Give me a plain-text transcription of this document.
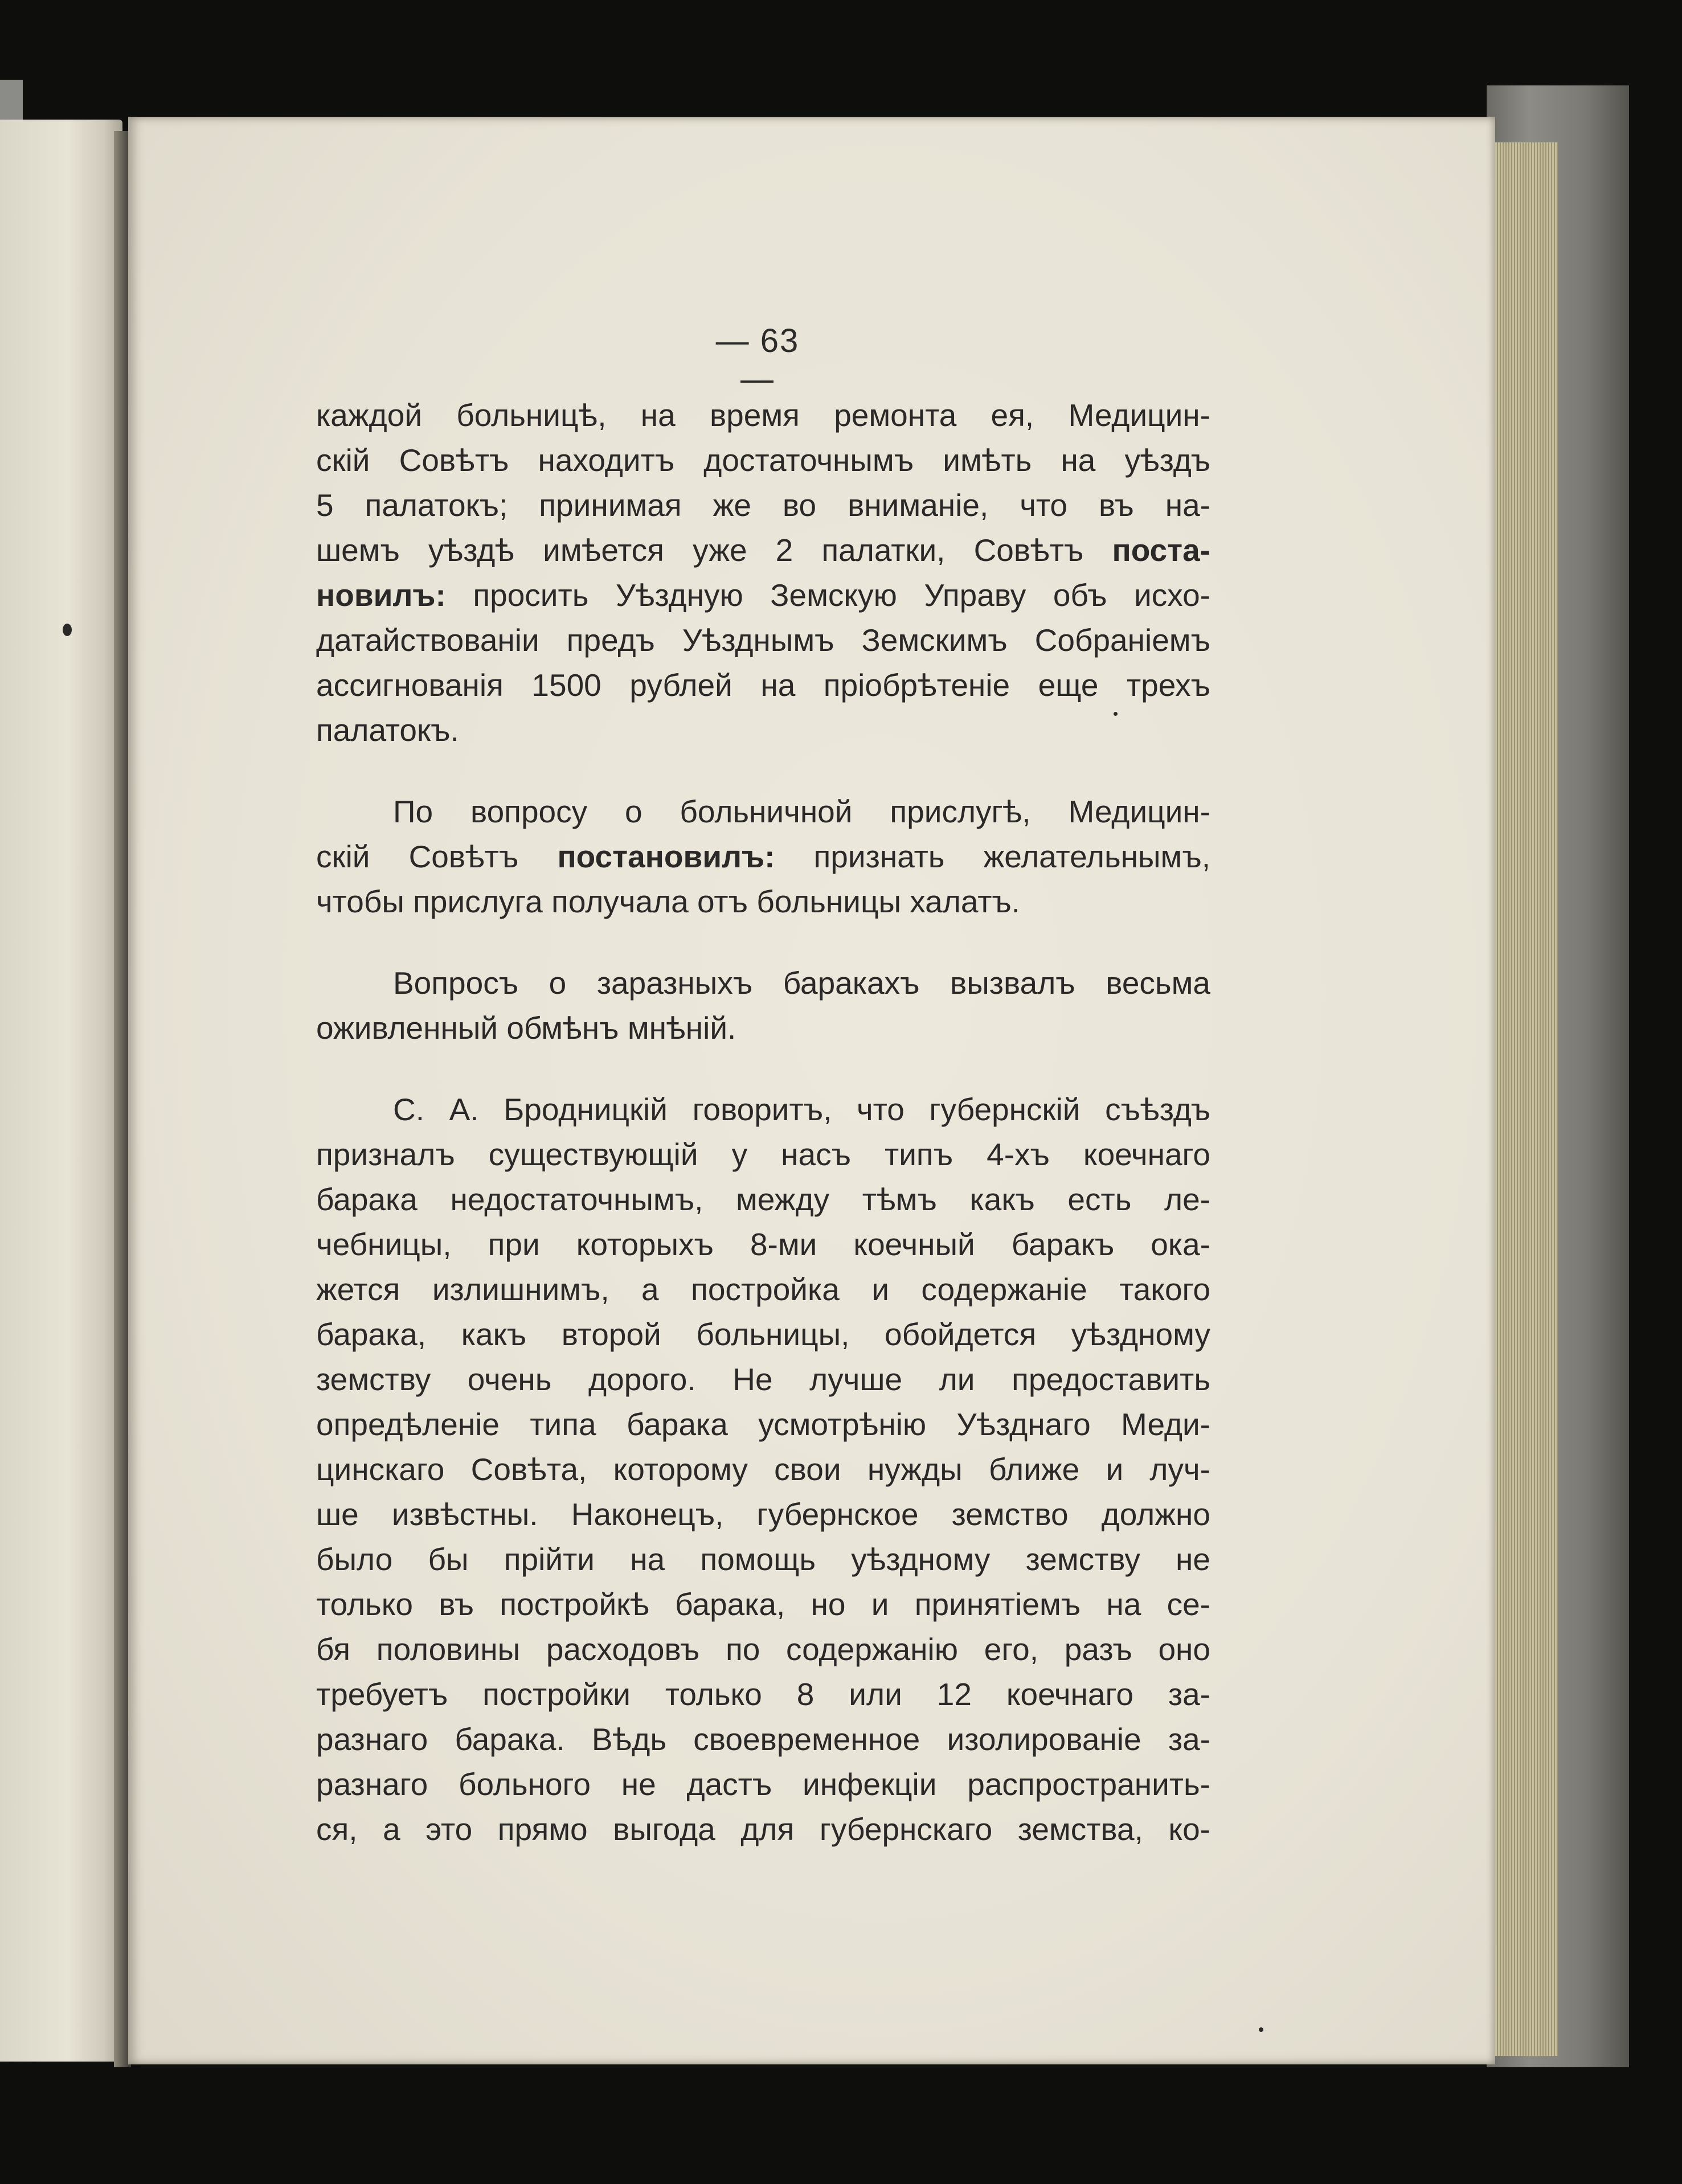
— 63 —
каждой больницѣ, на время ремонта ея, Медицин-
скій Совѣтъ находитъ достаточнымъ имѣть на уѣздъ
5 палатокъ; принимая же во вниманіе, что въ на-
шемъ уѣздѣ имѣется уже 2 палатки, Совѣтъ поста-
новилъ: просить Уѣздную Земскую Управу объ исхо-
датайствованіи предъ Уѣзднымъ Земскимъ Собраніемъ
ассигнованія 1500 рублей на пріобрѣтеніе еще трехъ
палатокъ.
По вопросу о больничной прислугѣ, Медицин-
скій Совѣтъ постановилъ: признать желательнымъ,
чтобы прислуга получала отъ больницы халатъ.
Вопросъ о заразныхъ баракахъ вызвалъ весьма
оживленный обмѣнъ мнѣній.
С. А. Бродницкій говоритъ, что губернскій съѣздъ
призналъ существующій у насъ типъ 4-хъ коечнаго
барака недостаточнымъ, между тѣмъ какъ есть ле-
чебницы, при которыхъ 8-ми коечный баракъ ока-
жется излишнимъ, а постройка и содержаніе такого
барака, какъ второй больницы, обойдется уѣздному
земству очень дорого. Не лучше ли предоставить
опредѣленіе типа барака усмотрѣнію Уѣзднаго Меди-
цинскаго Совѣта, которому свои нужды ближе и луч-
ше извѣстны. Наконецъ, губернское земство должно
было бы прійти на помощь уѣздному земству не
только въ постройкѣ барака, но и принятіемъ на се-
бя половины расходовъ по содержанію его, разъ оно
требуетъ постройки только 8 или 12 коечнаго за-
разнаго барака. Вѣдь своевременное изолированіе за-
разнаго больного не дастъ инфекціи распространить-
ся, а это прямо выгода для губернскаго земства, ко-
